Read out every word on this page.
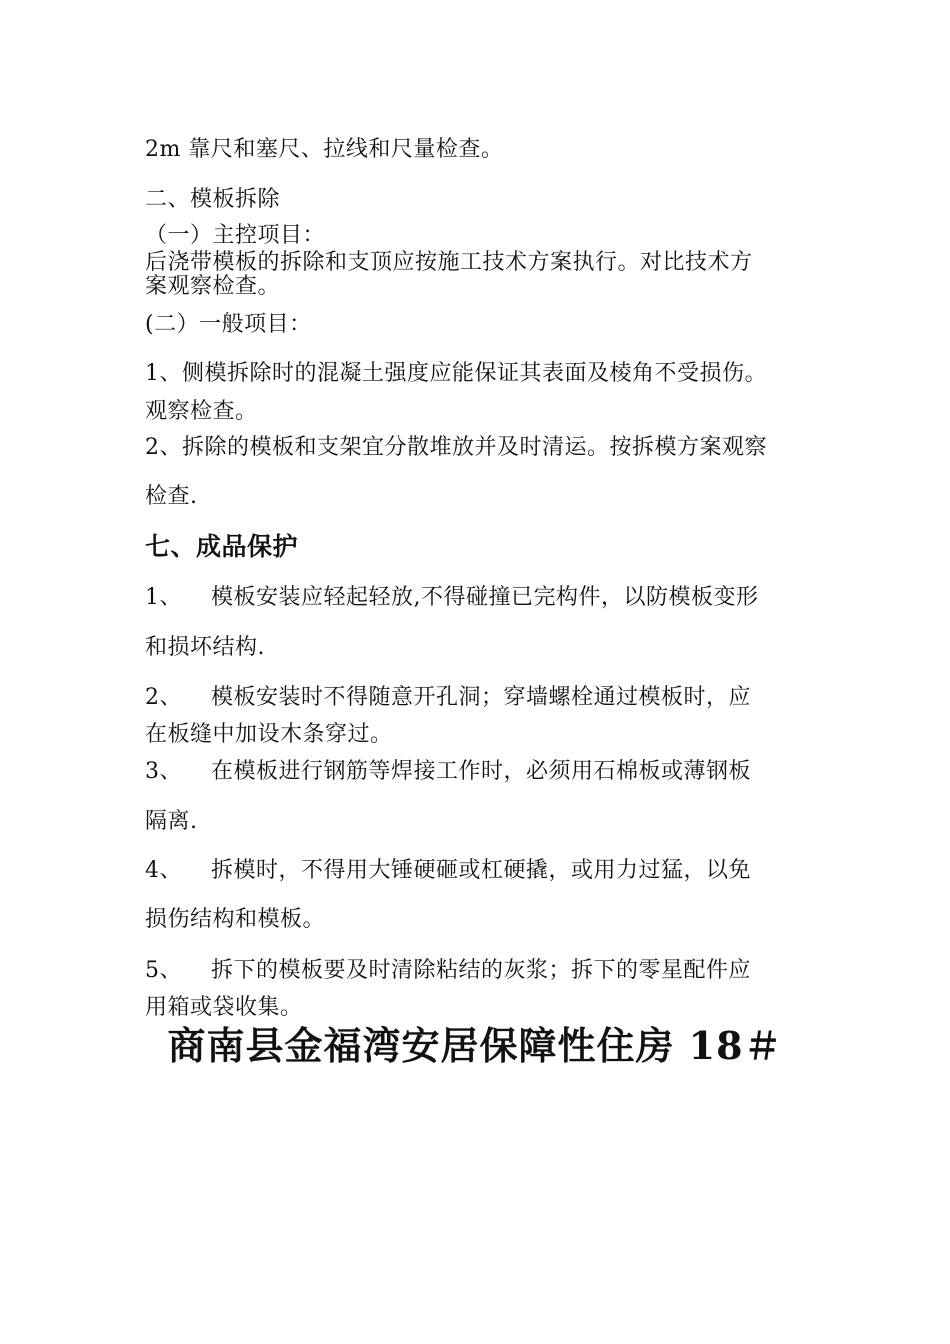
2m 靠尺和塞尺、拉线和尺量检查。
二、模板拆除
（一）主控项目：
后浇带模板的拆除和支顶应按施工技术方案执行。对比技术方
案观察检查。
(二）一般项目：
1、侧模拆除时的混凝土强度应能保证其表面及棱角不受损伤。
观察检查。
2、拆除的模板和支架宜分散堆放并及时清运。按拆模方案观察
检查.
七、成品保护
1、 模板安装应轻起轻放,不得碰撞已完构件，以防模板变形
和损坏结构.
2、 模板安装时不得随意开孔洞；穿墙螺栓通过模板时，应
在板缝中加设木条穿过。
3、 在模板进行钢筋等焊接工作时，必须用石棉板或薄钢板
隔离.
4、 拆模时，不得用大锤硬砸或杠硬撬，或用力过猛，以免
损伤结构和模板。
5、 拆下的模板要及时清除粘结的灰浆；拆下的零星配件应
用箱或袋收集。
商南县金福湾安居保障性住房 18＃
